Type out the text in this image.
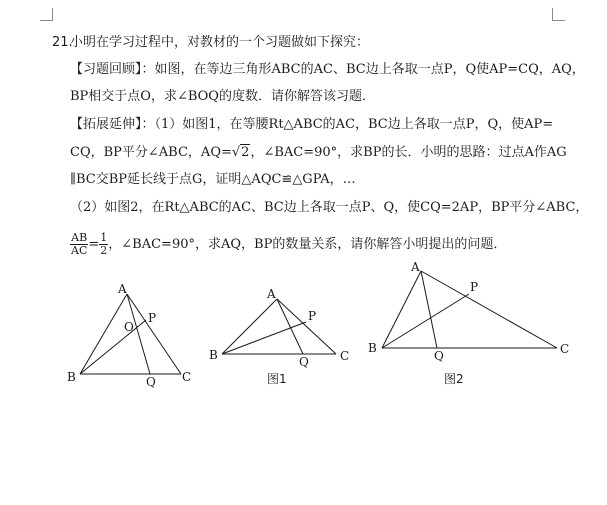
21.
小明在学习过程中，对教材的一个习题做如下探究：
【习题回顾】：如图，在等边三角形ABC的AC、BC边上各取一点P，Q使AP=CQ，AQ，
BP相交于点O，求∠BOQ的度数．请你解答该习题．
【拓展延伸】：（1）如图1，在等腰Rt△ABC的AC，BC边上各取一点P，Q，使AP=
CQ，BP平分∠ABC，AQ=√2，∠BAC=90°，求BP的长．小明的思路：过点A作AG
∥BC交BP延长线于点G，证明△AQC≌△GPA，…
（2）如图2，在Rt△ABC的AC、BC边上各取一点P、Q，使CQ=2AP，BP平分∠ABC，
$\frac{AB}{AC} = \frac{1}{2}$ ，∠BAC=90°，求AQ，BP的数量关系，请你解答小明提出的问题．
A
B	C
O
P
Q
A
B	C
P
Q
A
B	C
P
Q
图1	图2
